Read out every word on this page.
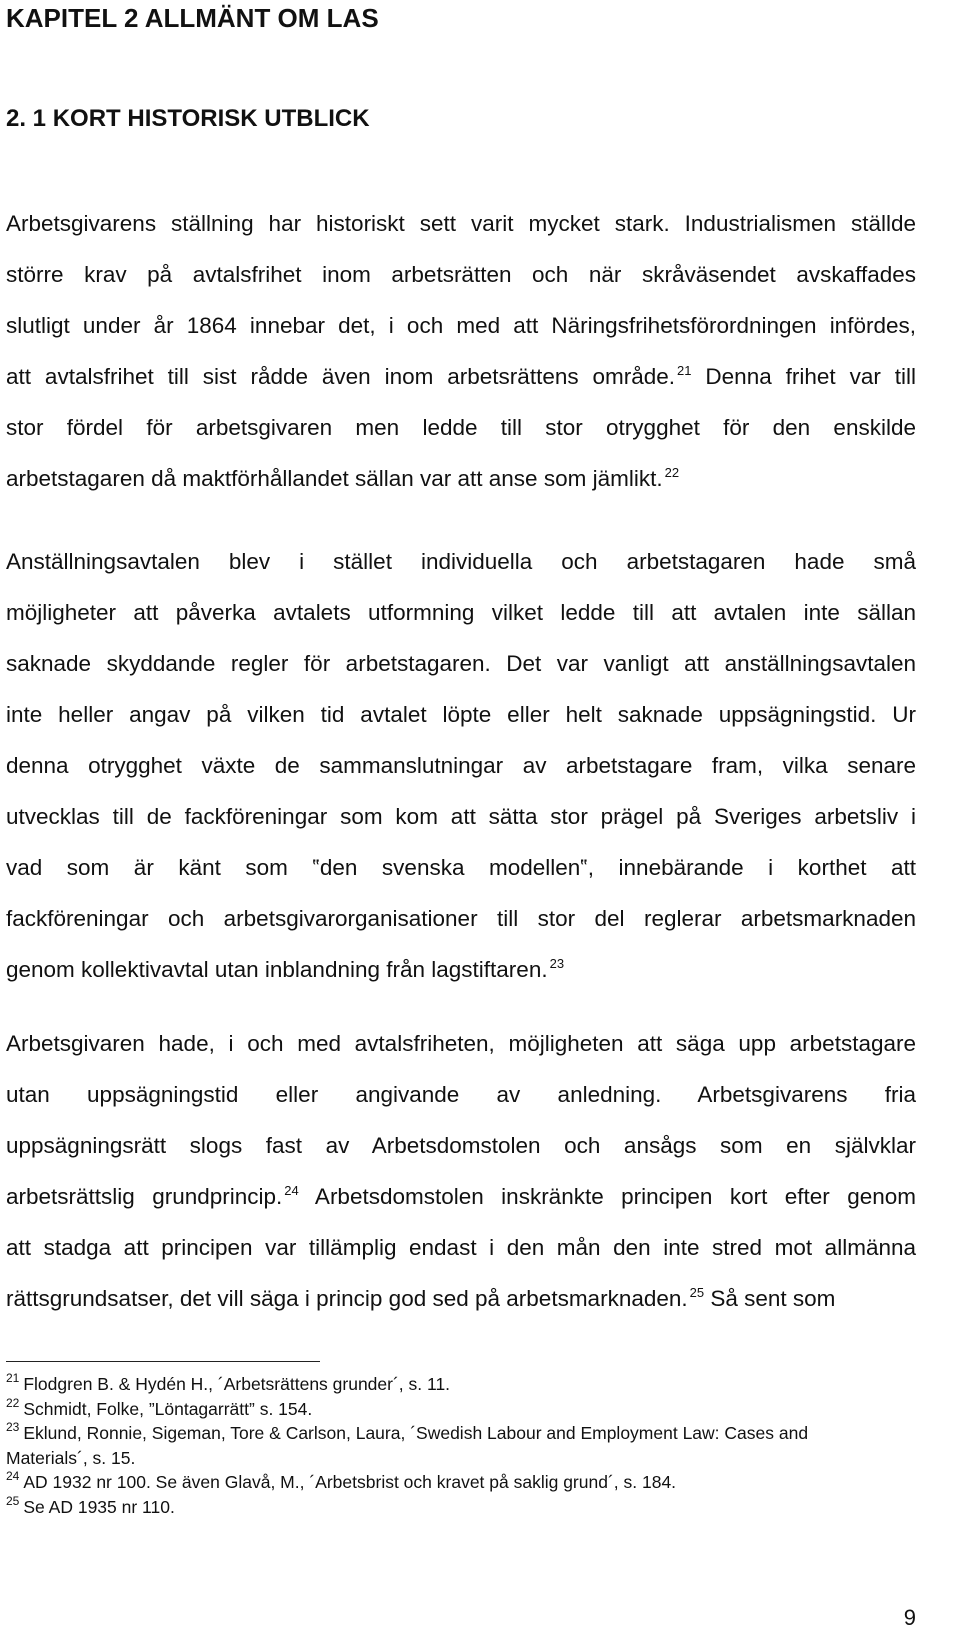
KAPITEL 2 ALLMÄNT OM LAS
2. 1 KORT HISTORISK UTBLICK
Arbetsgivarens ställning har historiskt sett varit mycket stark. Industrialismen ställde
större krav på avtalsfrihet inom arbetsrätten och när skråväsendet avskaffades
slutligt under år 1864 innebar det, i och med att Näringsfrihetsförordningen infördes,
att avtalsfrihet till sist rådde även inom arbetsrättens område. $^{21}$ Denna frihet var till
stor fördel för arbetsgivaren men ledde till stor otrygghet för den enskilde
arbetstagaren då maktförhållandet sällan var att anse som jämlikt. $^{22}$
Anställningsavtalen blev i stället individuella och arbetstagaren hade små
möjligheter att påverka avtalets utformning vilket ledde till att avtalen inte sällan
saknade skyddande regler för arbetstagaren. Det var vanligt att anställningsavtalen
inte heller angav på vilken tid avtalet löpte eller helt saknade uppsägningstid. Ur
denna otrygghet växte de sammanslutningar av arbetstagare fram, vilka senare
utvecklas till de fackföreningar som kom att sätta stor prägel på Sveriges arbetsliv i
vad som är känt som ‟den svenska modellen‟, innebärande i korthet att
fackföreningar och arbetsgivarorganisationer till stor del reglerar arbetsmarknaden
genom kollektivavtal utan inblandning från lagstiftaren. $^{23}$
Arbetsgivaren hade, i och med avtalsfriheten, möjligheten att säga upp arbetstagare
utan uppsägningstid eller angivande av anledning. Arbetsgivarens fria
uppsägningsrätt slogs fast av Arbetsdomstolen och ansågs som en självklar
arbetsrättslig grundprincip. $^{24}$ Arbetsdomstolen inskränkte principen kort efter genom
att stadga att principen var tillämplig endast i den mån den inte stred mot allmänna
rättsgrundsatser, det vill säga i princip god sed på arbetsmarknaden. $^{25}$ Så sent som
$^{21}$ Flodgren B. & Hydén H., ´Arbetsrättens grunder´, s. 11.
$^{22}$ Schmidt, Folke, ”Löntagarrätt” s. 154.
$^{23}$ Eklund, Ronnie, Sigeman, Tore & Carlson, Laura, ´Swedish Labour and Employment Law: Cases and
Materials´, s. 15.
$^{24}$ AD 1932 nr 100. Se även Glavå, M., ´Arbetsbrist och kravet på saklig grund´, s. 184.
$^{25}$ Se AD 1935 nr 110.
9
